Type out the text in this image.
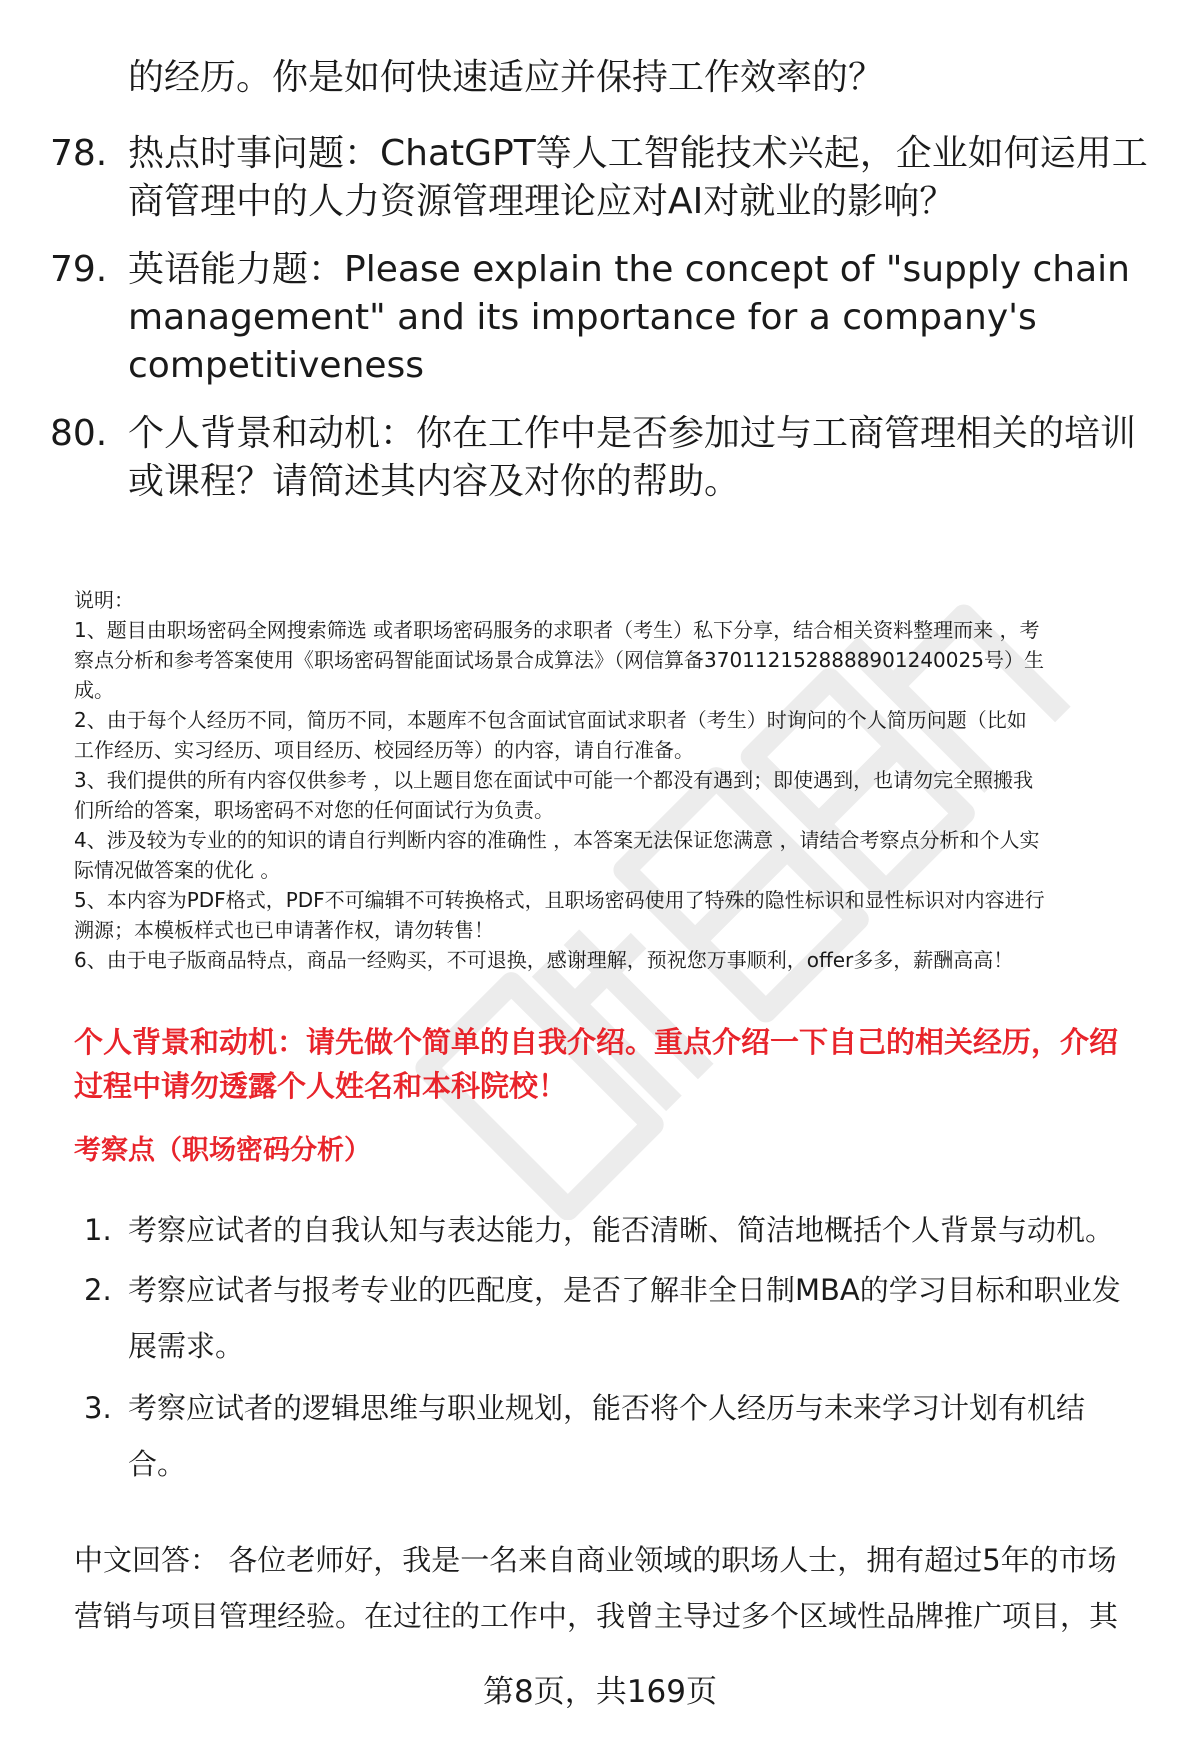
的经历。你是如何快速适应并保持工作效率的？
78. 热点时事问题：ChatGPT等人工智能技术兴起，企业如何运用工
商管理中的人力资源管理理论应对AI对就业的影响？
79. 英语能力题：Please explain the concept of "supply chain
management" and its importance for a company's
competitiveness
80. 个人背景和动机：你在工作中是否参加过与工商管理相关的培训
或课程？请简述其内容及对你的帮助。
说明：
1、题目由职场密码全网搜索筛选 或者职场密码服务的求职者（考生）私下分享，结合相关资料整理而来 ，考
察点分析和参考答案使用《职场密码智能面试场景合成算法》（网信算备3701121528888901240025号）生
成。
2、由于每个人经历不同，简历不同，本题库不包含面试官面试求职者（考生）时询问的个人简历问题（比如
工作经历、实习经历、项目经历、校园经历等）的内容，请自行准备。
3、我们提供的所有内容仅供参考 ，以上题目您在面试中可能一个都没有遇到；即使遇到，也请勿完全照搬我
们所给的答案，职场密码不对您的任何面试行为负责。
4、涉及较为专业的的知识的请自行判断内容的准确性 ，本答案无法保证您满意 ，请结合考察点分析和个人实
际情况做答案的优化 。
5、本内容为PDF格式，PDF不可编辑不可转换格式，且职场密码使用了特殊的隐性标识和显性标识对内容进行
溯源；本模板样式也已申请著作权，请勿转售！
6、由于电子版商品特点，商品一经购买，不可退换，感谢理解，预祝您万事顺利，offer多多，薪酬高高！
个人背景和动机：请先做个简单的自我介绍。重点介绍一下自己的相关经历，介绍
过程中请勿透露个人姓名和本科院校！
考察点（职场密码分析）
1. 考察应试者的自我认知与表达能力，能否清晰、简洁地概括个人背景与动机。
2. 考察应试者与报考专业的匹配度，是否了解非全日制MBA的学习目标和职业发
展需求。
3. 考察应试者的逻辑思维与职业规划，能否将个人经历与未来学习计划有机结
合。
中文回答： 各位老师好，我是一名来自商业领域的职场人士，拥有超过5年的市场
营销与项目管理经验。在过往的工作中，我曾主导过多个区域性品牌推广项目，其
第8页，共169页
